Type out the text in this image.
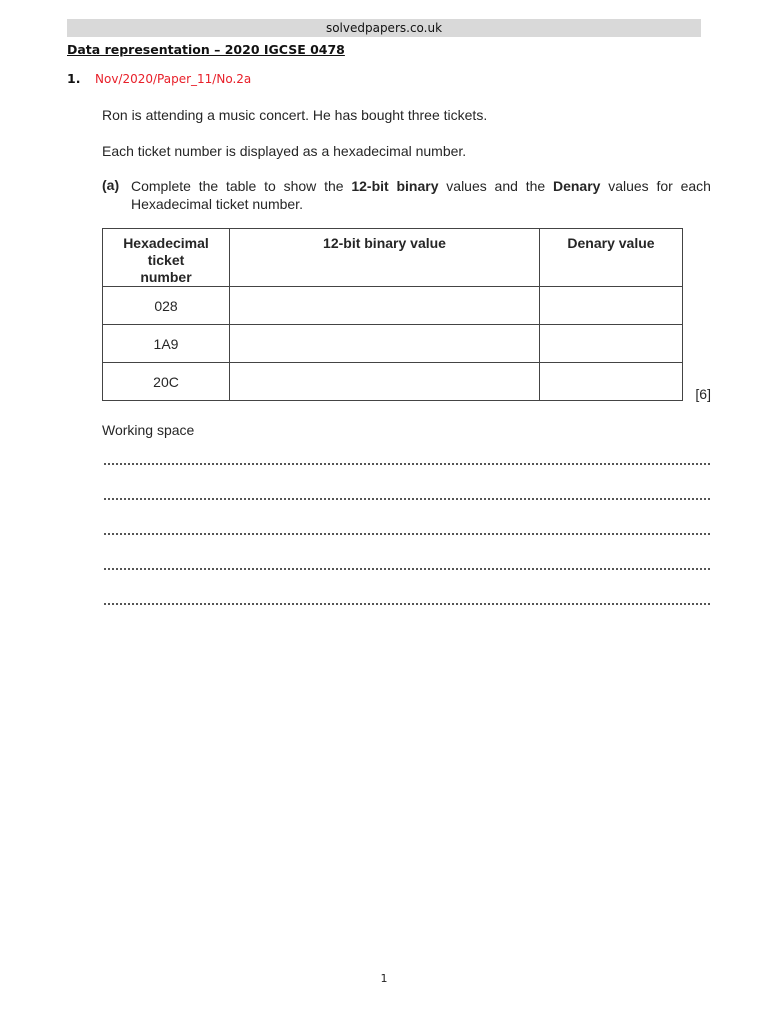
solvedpapers.co.uk
Data representation – 2020 IGCSE 0478
1. Nov/2020/Paper_11/No.2a

Ron is attending a music concert. He has bought three tickets.

Each ticket number is displayed as a hexadecimal number.

(a) Complete the table to show the 12-bit binary values and the Denary values for each Hexadecimal ticket number.
Hexadecimal ticket number	12-bit binary value	Denary value
028		
1A9		
20C		
[6]
Working space
1
